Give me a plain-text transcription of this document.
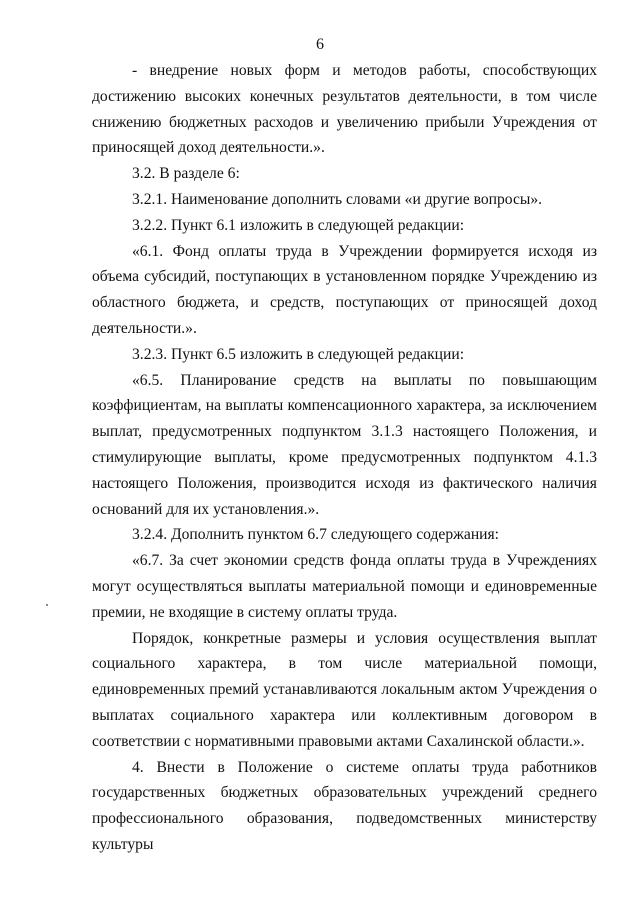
6

- внедрение новых форм и методов работы, способствующих достижению высоких конечных результатов деятельности, в том числе снижению бюджетных расходов и увеличению прибыли Учреждения от приносящей доход деятельности.».

3.2. В разделе 6:

3.2.1. Наименование дополнить словами «и другие вопросы».

3.2.2. Пункт 6.1 изложить в следующей редакции:

«6.1. Фонд оплаты труда в Учреждении формируется исходя из объема субсидий, поступающих в установленном порядке Учреждению из областного бюджета, и средств, поступающих от приносящей доход деятельности.».

3.2.3. Пункт 6.5 изложить в следующей редакции:

«6.5. Планирование средств на выплаты по повышающим коэффициентам, на выплаты компенсационного характера, за исключением выплат, предусмотренных подпунктом 3.1.3 настоящего Положения, и стимулирующие выплаты, кроме предусмотренных подпунктом 4.1.3 настоящего Положения, производится исходя из фактического наличия оснований для их установления.».

3.2.4. Дополнить пунктом 6.7 следующего содержания:

«6.7. За счет экономии средств фонда оплаты труда в Учреждениях могут осуществляться выплаты материальной помощи и единовременные премии, не входящие в систему оплаты труда.

Порядок, конкретные размеры и условия осуществления выплат социального характера, в том числе материальной помощи, единовременных премий устанавливаются локальным актом Учреждения о выплатах социального характера или коллективным договором в соответствии с нормативными правовыми актами Сахалинской области.».

4. Внести в Положение о системе оплаты труда работников государственных бюджетных образовательных учреждений среднего профессионального образования, подведомственных министерству культуры
